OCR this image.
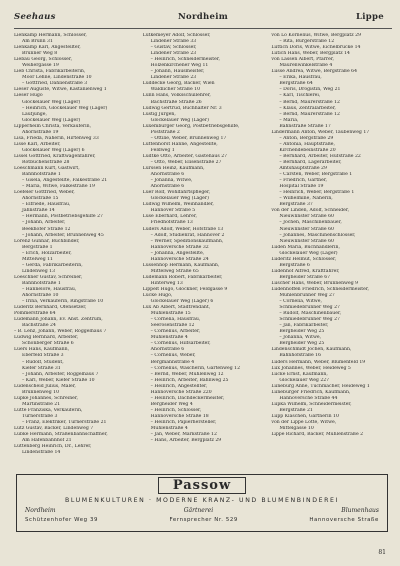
Seehaus	Nordheim	Lippe
Lienkamp Hermann, Schlosser,
Am Brunn 31
Lienkamp Karl, Angestellter,
Brunner Weg 8
Liebau Georg, Schlosser,
Weihergasse 19
Lieb Christa, Fabrikarbeiterin,
Moor Lehne, Lindenstraße 10
– Gottfried, Dahlienstraße 3
Lieser Auguste, Witwe, Kastanienweg 1
Lieser Hugo
Glöckelauer Weg (Lager)
– Heinrich, Glöckelauer Weg (Lager)
Laufjunge,
Glöckelauer Weg (Lager)
Lipperheim Christa, Verkäuferin,
Ahornstraße 19
Lisa, Frieda, Näherin, Hirtenweg 33
Lisse Karl, Arbeiter,
Glöckelauer Weg (Lager) 6
Lissel Gottfried, Kraftwagenfahrer,
Rotbuchenstraße 28
Loeschmann Kurt, Gastwirt,
Bahnhofstraße 1
– Gisela, Angestellte, Falkestraße 21
– Maria, Witwe, Falkestraße 19
Loefeler Gottfried, Weber,
Ahornstraße 15
– Elfriede, Hausfrau,
Jahnstraße 14
– Hermann, Postbetriebsgehilfe 27
– Johann, Arbeiter,
Beekhöfer Straße 12
– Johann, Arbeiter, Brunnenweg 45
Lorenz Gunnar, Buchbinder,
Bergstraße 1
– Erich, Holzarbeiter,
Mittelweg 11
– Gerda, Fabrikarbeiterin,
Lindenweg 13
Loeschner Gustav, Schreiner,
Bahnhofstraße 1
– Hannelore, Hausfrau,
Ahornstraße 10
– Irina, Verkäuferin, Ringstraße 10
Lüderitz Bernhard, Ofensetzer,
Pommerstraße 64
Lüdemann Johann, Ev. Anst. Zentrum,
Bachstraße 24
– B. Lenz, Johann, Weber, Roggelhaus 7
Ludwig Bernhard, Arbeiter,
Schönberger Straße 6
Lüers Hans, Kaufmann,
Eberfeld Straße 3
– Rudolf, Student,
Kiefer Straße 31
– Johann, Arbeiter, Roggelhaus 7
– Karl, Weber, Kiefer Straße 10
Lüdenscheid Julius, Maler,
Brunnenweg 10
Lüpke Johannes, Schreiner,
Martinstraße 21
Lütte Franziska, Verkäuferin,
Turnerstraße 3
– Franz, Elektriker, Turnerstraße 21
Lutz Gustav, Bäcker, Lindenweg 7
Lübke Hermann, Straßenbahnschaffner,
Am Hafenbahnhof 21
Lüttenberg Heinrich, Dr., Lehrer,
Lindenstraße 14
Lütkemeyer Adolf, Schlosser,
Lindener Straße 33
– Gustav, Schlosser,
Lindener Straße 23
– Heinrich, Schneidermeister,
Holzenkirchener Weg 11
– Johann, Hausmeister,
Lindener Straße 23
Lüddecke Georg, Bäcker, Wien
Waldlicher Straße 10
Lünn Hans, Volksschullehrer,
Bachstraße Straße 26
Ludwig Gertrud, Buchhalter Nr. 3
Lustig Jürgen,
Glöckelauer Weg (Lager)
Luxemburger Georg, Postbetriebsgehilfe,
Poststraße 2
– Ottilie, Weber, Brunnenweg 17
Lüttenhorst Hanne, Angestellte,
Feldweg 1
Lüdtke Otto, Arbeiter, Gästehaus 27
– Otto, Weber, Elisenstraße 27
Lürssen Heinz, Kaufmann,
Ahornstraße 6
– Johanna, Witwe,
Ahornstraße 6
Luer Rolf, Wohlfahrtspfleger,
Glöckelauer Weg (Lager)
Ludwig Wilhelm, Weinhändler,
Hannover Straße 5
Lüse Eberhard, Lehrer,
Friedhofstraße 13
Lüders Adolf, Weber, Hofstraße 13
– Adolf, Studienrat, Hannover 2
– Werner, Speditionskaufmann,
Hannoversche Straße 32
– Johanna, Angestellte,
Hannoversche Straße 24
Lüssenhop Hermann, Kaufmann,
Mittelweg Straße 65
Lüdemann Robert, Fabrikarbeiter,
Hinterweg 13
Lippelt Hugo, Glöckner, Feldgasse 9
Lücke Hugo,
Glöckelauer Weg (Lager) 6
Lux Ab Albert, Stadtrendant,
Mühlenstraße 15
– Cornelia, Hausfrau,
Seerosenstraße 12
– Cornelius, Arbeiter,
Mühlenstraße 4
– Cornelius, Hilfsarbeiter,
Ahornstraße 6
– Cornelius, Weber,
Bergmannstraße 4
– Cornelius, Wäscherin, Gartenweg 12
– Bernd, Weber, Mühlenweg 12
– Heinrich, Arbeiter, Bahnweg 25
– Heinrich, Angestellter,
Hannoversche Straße 220
– Heinrich, Dachdeckermeister,
Bergheider Weg 4
– Heinrich, Schlosser,
Hannoversche Straße 18
– Heinrich, Papierhersteller,
Mühlenstraße 4
– Jan, Weber, Markstraße 12
– Hans, Arbeiter, Bergplatz 29
von Lo Kornelius, Witwe, Bergplatz 29
– Rita, Bürgerstraße 12
Lüttich Doris, Witwe, Eichelbrücke 14
Lütich Hans, Weber, Bergplatz 14
von Lassen Albert, Pfarrer,
Maurenwinkelstraße 4
Lüsse Andrea, Witwe, Bergstraße 64
– Erika, Hausfrau,
Bergstraße 64
– Doris, Drogistin, Weg 21
– Karl, Tischlerei,
– Bernd, Maurerstraße 12
– Klaus, Zentralarbeiter,
– Bernd, Maurerstraße 12
– Maria,
Bahnstraße Straße 17
Lindermann Anton, Weber, Taubenweg 17
– Anton, Bergstraße 29
– Antonia, Hauptstraße,
Kirchendebeinstraße 20
– Bernhard, Arbeiter, Hufstraße 22
– Bernhard, Lagerarbeiter,
Amtshauptstraße 29
– Carsten, Weber, Bergstraße 1
– Friedrich, Gärtner,
Hospital Straße 19
– Heinrich, Weber, Bergstraße 1
– Wilhelmine, Näherin,
Bergstraße 37
von der Linden, Adolf, Schneider,
Nieuwlinster Straße 60
– Jochen, Maschinenbauer,
Nieuwlinster Straße 60
– Johannes, Maschinenschlosser,
Nieuwlinster Straße 60
Lüden Maria, Buchhändlerin,
Glöckelauer Weg (Lager)
Lüderitz Helmut, Schlosser,
Bergstraße 6
Lüdenhof Alfred, Kraftfahrer,
Bergheider Straße 67
Lüscher Hans, Weber, Brunnenweg 9
Lüdenhoffen Friedrich, Schneidermeister,
Mühlenbrunner Weg 27
– Cornelia, Witwe,
Schmiedebrunner Weg 27
– Rudolf, Maschinenbauer,
Schmiedebrunner Weg 27
– Jan, Fabrikarbeiter,
Bergheider Weg 25
– Johanna, Witwe,
Bergheider Weg 25
Lindenschmidt Jochen, Kaufmann,
Bahnhofstraße 16
Lüders Hermann, Weber, Blumenfeld 19
Lux Johannes, Weber, Heideweg 5
Lücke Ernst, Kaufmann,
Glöckelauer Weg 227
Lüneburg Anne, Tuchmacher, Heideweg 1
Lüneburger Friedrich, Kaufmann,
Hannoversche Straße 44
Lupka Wilhelm, Schneidermeister,
Bergstraße 21
Lupp Kläschen, Gärtnerin 10
von der Lippe Lotte, Witwe,
Mittelgasse 10
Lippe Richard, Bäcker, Mühlenstraße 2
Passow
BLUMENKULTUREN · MODERNE KRANZ- UND BLUMENBINDEREI
Nordheim	Gärtnerei	Blumenhaus
Schützenhofer Weg 39	Fernsprecher Nr. 529	Hannoversche Straße
81
